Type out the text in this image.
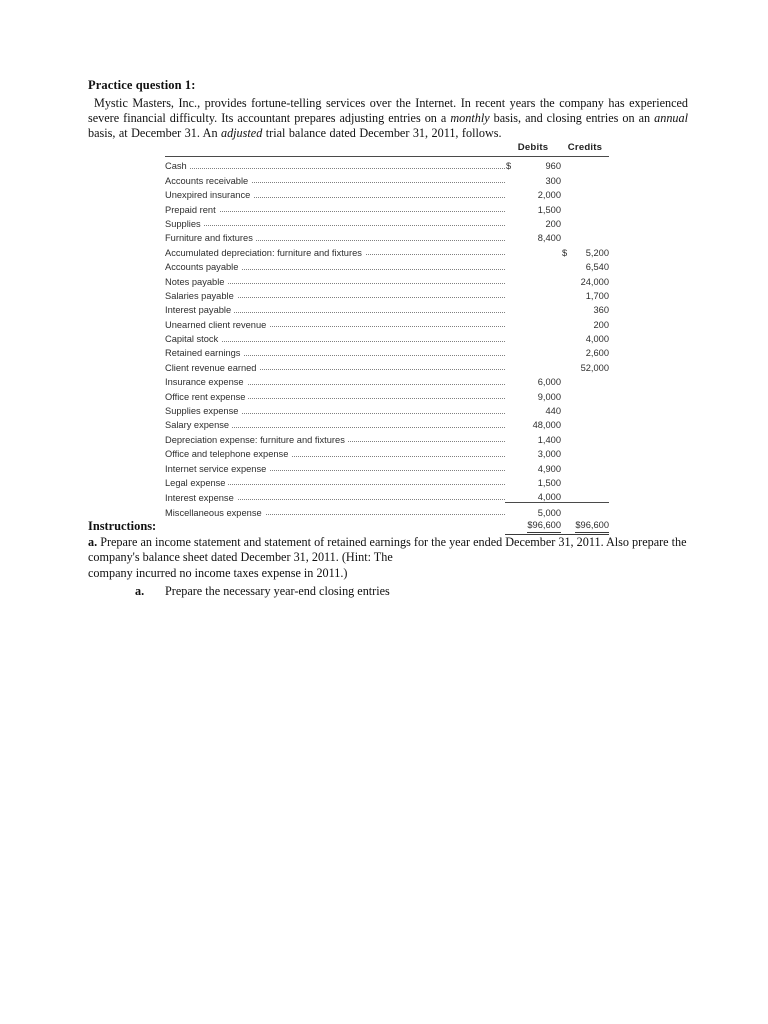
Practice question 1:

Mystic Masters, Inc., provides fortune-telling services over the Internet. In recent years the company has experienced severe financial difficulty. Its accountant prepares adjusting entries on a monthly basis, and closing entries on an annual basis, at December 31. An adjusted trial balance dated December 31, 2011, follows.

	Debits	Credits

Cash	$ 960	

Accounts receivable	300	

Unexpired insurance	2,000	

Prepaid rent	1,500	

Supplies	200	

Furniture and fixtures	8,400	

Accumulated depreciation: furniture and fixtures		$ 5,200

Accounts payable		6,540

Notes payable		24,000

Salaries payable		1,700

Interest payable		360

Unearned client revenue		200

Capital stock		4,000

Retained earnings		2,600

Client revenue earned		52,000

Insurance expense	6,000	

Office rent expense	9,000	

Supplies expense	440	

Salary expense	48,000	

Depreciation expense: furniture and fixtures	1,400	

Office and telephone expense	3,000	

Internet service expense	4,900	

Legal expense	1,500	

Interest expense	4,000	

Miscellaneous expense	5,000	
	$96,600	$96,600

Instructions:

a. Prepare an income statement and statement of retained earnings for the year ended December 31, 2011. Also prepare the company's balance sheet dated December 31, 2011. (Hint: The

company incurred no income taxes expense in 2011.)

a. Prepare the necessary year-end closing entries
